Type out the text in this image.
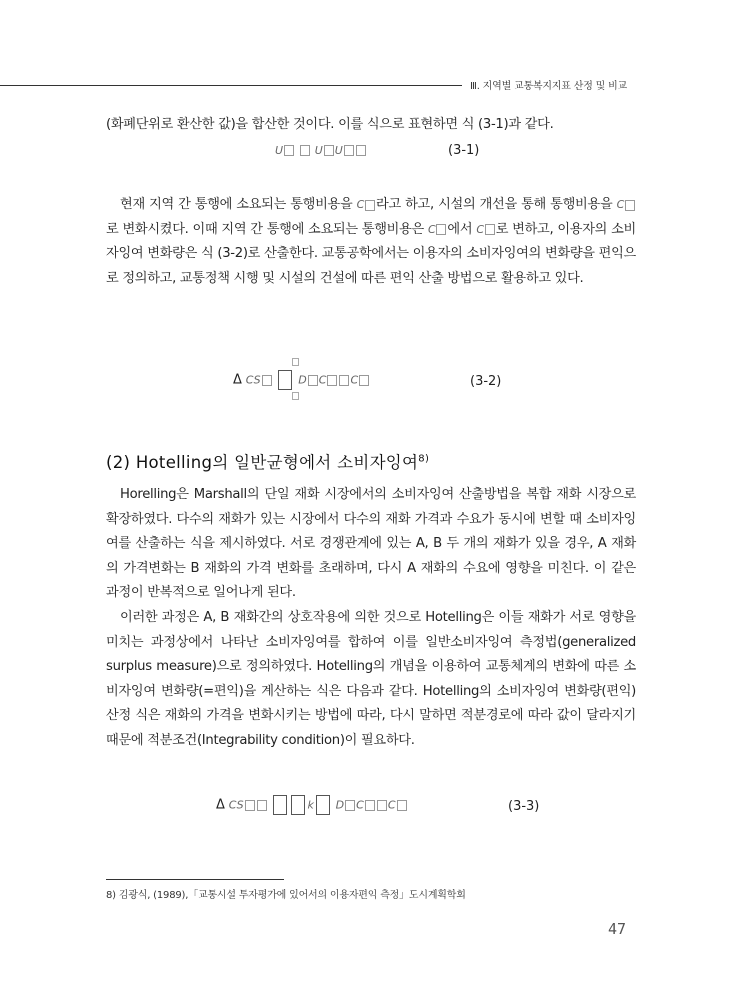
Ⅲ. 지역별 교통복지지표 산정 및 비교
(화폐단위로 환산한 값)을 합산한 것이다. 이를 식으로 표현하면 식 (3-1)과 같다.
U	U U	(3-1)
현재 지역 간 통행에 소요되는 통행비용을 C 라고 하고, 시설의 개선을 통해 통행비용을 C로 변화시켰다. 이때 지역 간 통행에 소요되는 통행비용은 C 에서 C 로 변하고, 이용자의 소비자잉여 변화량은 식 (3-2)로 산출한다. 교통공학에서는 이용자의 소비자잉여의 변화량을 편익으로 정의하고, 교통정책 시행 및 시설의 건설에 따른 편익 산출 방법으로 활용하고 있다.
Δ CS	D C C	(3-2)
(2) Hotelling의 일반균형에서 소비자잉여$^{8)}$
Horelling은 Marshall의 단일 재화 시장에서의 소비자잉여 산출방법을 복합 재화 시장으로 확장하였다. 다수의 재화가 있는 시장에서 다수의 재화 가격과 수요가 동시에 변할 때 소비자잉여를 산출하는 식을 제시하였다. 서로 경쟁관계에 있는 A, B 두 개의 재화가 있을 경우, A 재화의 가격변화는 B 재화의 가격 변화를 초래하며, 다시 A 재화의 수요에 영향을 미친다. 이 같은 과정이 반복적으로 일어나게 된다.
이러한 과정은 A, B 재화간의 상호작용에 의한 것으로 Hotelling은 이들 재화가 서로 영향을 미치는 과정상에서 나타난 소비자잉여를 합하여 이를 일반소비자잉여 측정법(generalized surplus measure)으로 정의하였다. Hotelling의 개념을 이용하여 교통체계의 변화에 따른 소비자잉여 변화량(=편익)을 계산하는 식은 다음과 같다. Hotelling의 소비자잉여 변화량(편익) 산정 식은 재화의 가격을 변화시키는 방법에 따라, 다시 말하면 적분경로에 따라 값이 달라지기 때문에 적분조건(Integrability condition)이 필요하다.
Δ CS	k D C C	(3-3)
8) 김광식, (1989),「교통시설 투자평가에 있어서의 이용자편익 측정」도시계획학회
47
